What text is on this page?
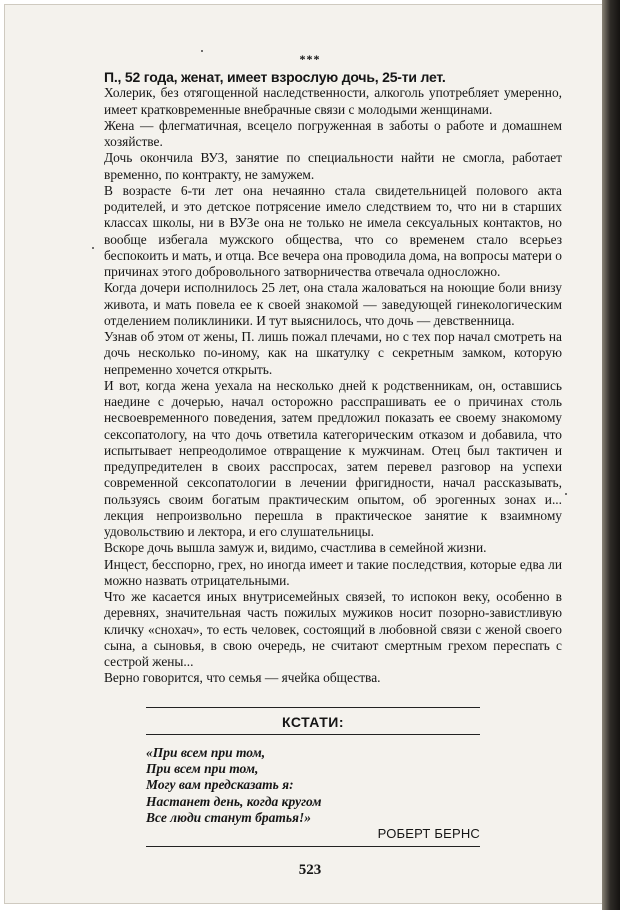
***

П., 52 года, женат, имеет взрослую дочь, 25-ти лет.

Холерик, без отягощенной наследственности, алкоголь употребляет умеренно, имеет кратковременные внебрачные связи с молодыми женщинами.

Жена — флегматичная, всецело погруженная в заботы о работе и домашнем хозяйстве.

Дочь окончила ВУЗ, занятие по специальности найти не смогла, работает временно, по контракту, не замужем.

В возрасте 6-ти лет она нечаянно стала свидетельницей полового акта родителей, и это детское потрясение имело следствием то, что ни в старших классах школы, ни в ВУЗе она не только не имела сексуальных контактов, но вообще избегала мужского общества, что со временем стало всерьез беспокоить и мать, и отца. Все вечера она проводила дома, на вопросы матери о причинах этого добровольного затворничества отвечала односложно.

Когда дочери исполнилось 25 лет, она стала жаловаться на ноющие боли внизу живота, и мать повела ее к своей знакомой — заведующей гинекологическим отделением поликлиники. И тут выяснилось, что дочь — девственница.

Узнав об этом от жены, П. лишь пожал плечами, но с тех пор начал смотреть на дочь несколько по-иному, как на шкатулку с секретным замком, которую непременно хочется открыть.

И вот, когда жена уехала на несколько дней к родственникам, он, оставшись наедине с дочерью, начал осторожно расспрашивать ее о причинах столь несвоевременного поведения, затем предложил показать ее своему знакомому сексопатологу, на что дочь ответила категорическим отказом и добавила, что испытывает непреодолимое отвращение к мужчинам. Отец был тактичен и предупредителен в своих расспросах, затем перевел разговор на успехи современной сексопатологии в лечении фригидности, начал рассказывать, пользуясь своим богатым практическим опытом, об эрогенных зонах и... лекция непроизвольно перешла в практическое занятие к взаимному удовольствию и лектора, и его слушательницы.

Вскоре дочь вышла замуж и, видимо, счастлива в семейной жизни.

Инцест, бесспорно, грех, но иногда имеет и такие последствия, которые едва ли можно назвать отрицательными.

Что же касается иных внутрисемейных связей, то испокон веку, особенно в деревнях, значительная часть пожилых мужиков носит позорно-завистливую кличку «снохач», то есть человек, состоящий в любовной связи с женой своего сына, а сыновья, в свою очередь, не считают смертным грехом переспать с сестрой жены...

Верно говорится, что семья — ячейка общества.

КСТАТИ:
«При всем при том,
При всем при том,
Могу вам предсказать я:
Настанет день, когда кругом
Все люди станут братья!»
РОБЕРТ БЕРНС
523
